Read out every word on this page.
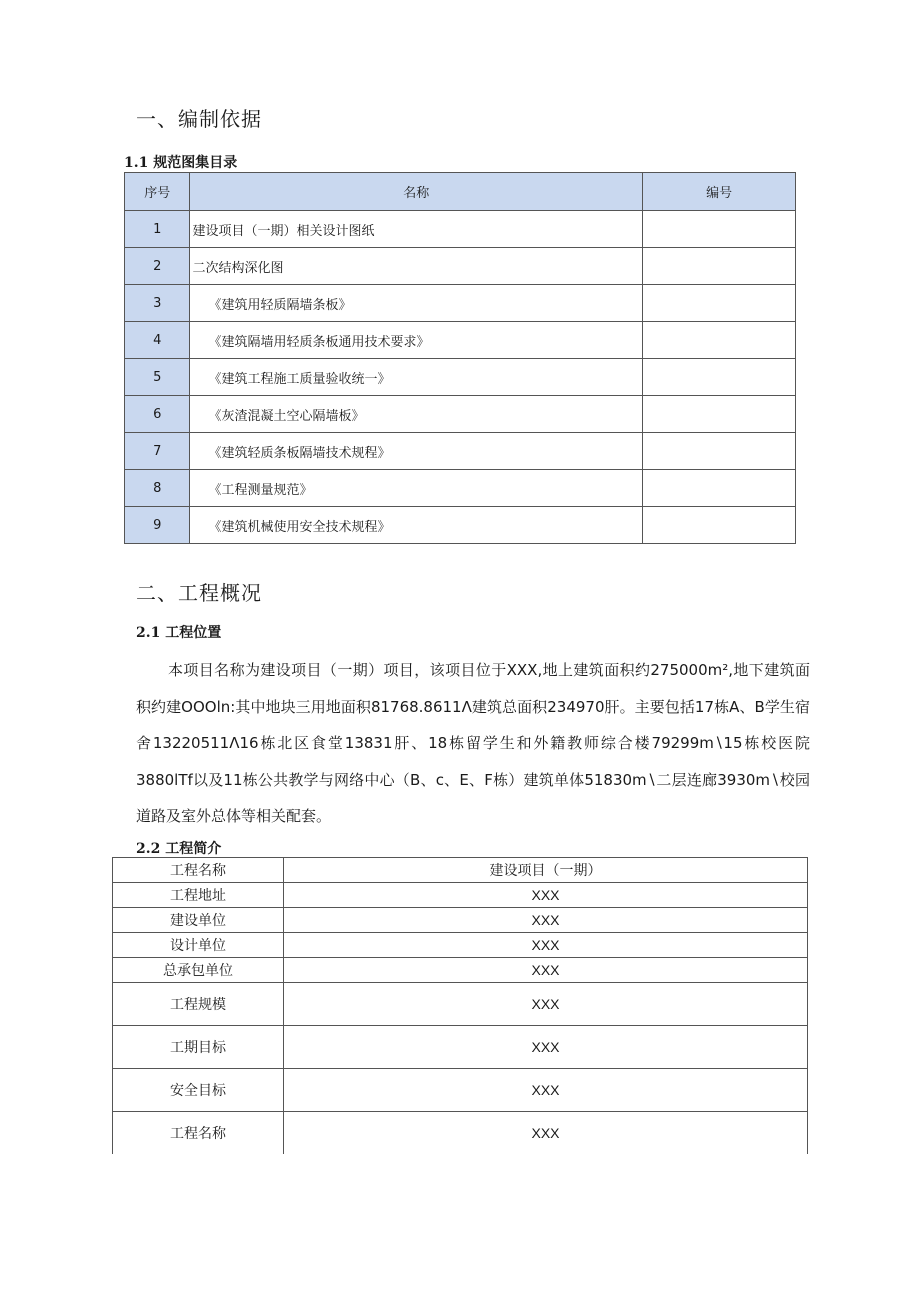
一、编制依据
1.1 规范图集目录
序号	名称	编号
1	建设项目（一期）相关设计图纸	
2	二次结构深化图	
3	《建筑用轻质隔墙条板》	
4	《建筑隔墙用轻质条板通用技术要求》	
5	《建筑工程施工质量验收统一》	
6	《灰渣混凝土空心隔墙板》	
7	《建筑轻质条板隔墙技术规程》	
8	《工程测量规范》	
9	《建筑机械使用安全技术规程》	
二、工程概况
2.1 工程位置
本项目名称为建设项目（一期）项目，该项目位于XXX,地上建筑面积约275000m²,地下建筑面积约建OOOln:其中地块三用地面积81768.8611Λ建筑总面积234970肝。主要包括17栋A、B学生宿舍13220511Λ16栋北区食堂13831肝、18栋留学生和外籍教师综合楼79299m∖15栋校医院3880lTf以及11栋公共教学与网络中心（B、c、E、F栋）建筑单体51830m∖二层连廊3930m∖校园道路及室外总体等相关配套。
2.2 工程简介
工程名称	建设项目（一期）
工程地址	XXX
建设单位	XXX
设计单位	XXX
总承包单位	XXX
工程规模	XXX
工期目标	XXX
安全目标	XXX
工程名称	XXX
